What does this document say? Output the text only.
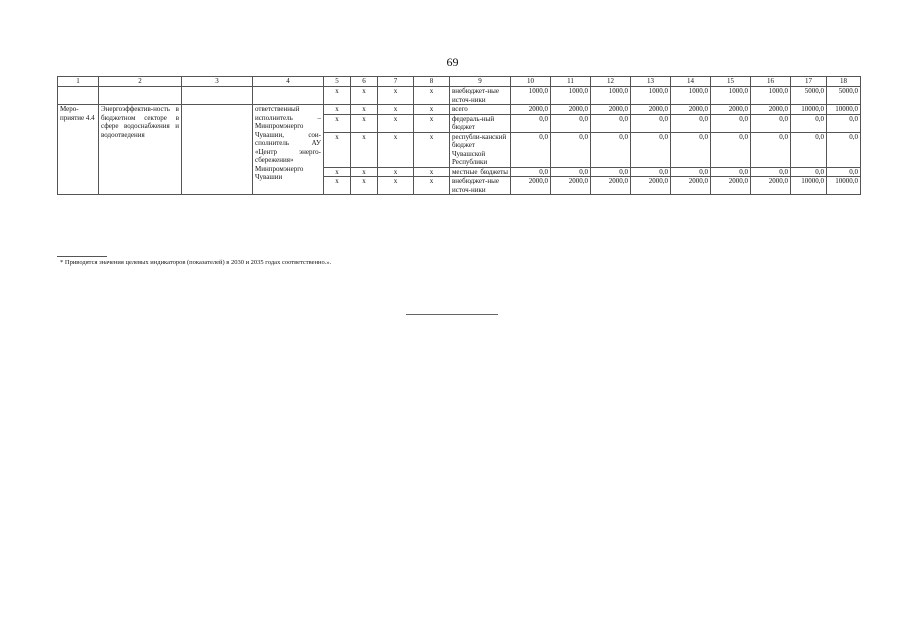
69
1	2	3	4	5	6	7	8	9	10	11	12	13	14	15	16	17	18
				x	x	x	x	внебюджет-ные источ-ники	1000,0	1000,0	1000,0	1000,0	1000,0	1000,0	1000,0	5000,0	5000,0
Меро-приятие 4.4	Энергоэффектив-ность в бюджетном секторе в сфере водоснабжения и водоотведения		ответственный исполнитель – Минпромэнерго Чувашии, сои-сполнитель АУ «Центр энерго-сбережения» Минпромэнерго Чувашии	x	x	x	x	всего	2000,0	2000,0	2000,0	2000,0	2000,0	2000,0	2000,0	10000,0	10000,0
				x	x	x	x	федераль-ный бюджет	0,0	0,0	0,0	0,0	0,0	0,0	0,0	0,0	0,0
				x	x	x	x	республи-канский бюджет Чувашской Республики	0,0	0,0	0,0	0,0	0,0	0,0	0,0	0,0	0,0
				x	x	x	x	местные бюджеты	0,0	0,0	0,0	0,0	0,0	0,0	0,0	0,0	0,0
				x	x	x	x	внебюджет-ные источ-ники	2000,0	2000,0	2000,0	2000,0	2000,0	2000,0	2000,0	10000,0	10000,0
* Приводятся значения целевых индикаторов (показателей) в 2030 и 2035 годах соответственно.».
